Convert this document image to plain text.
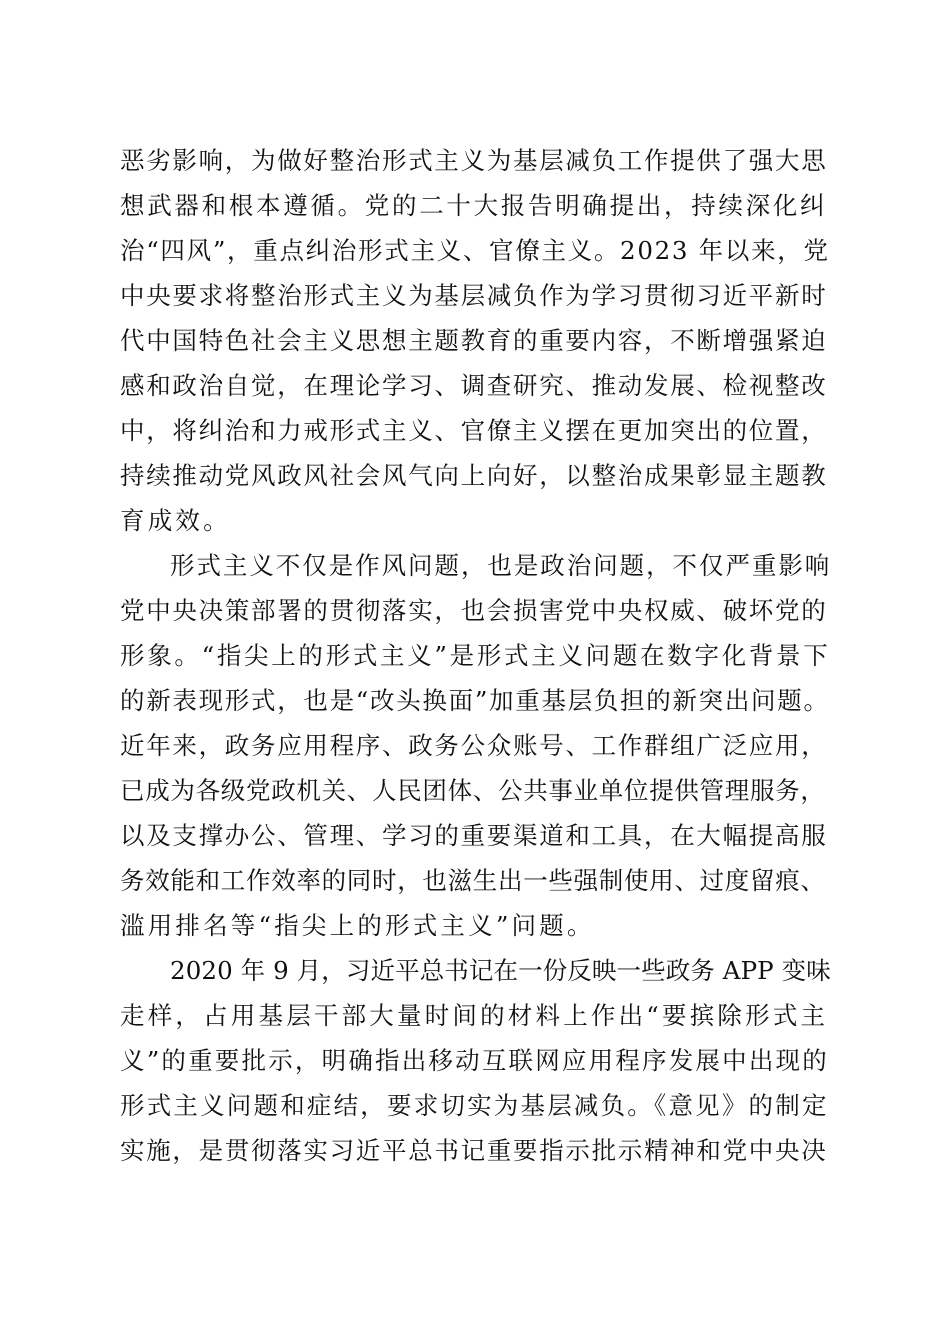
恶劣影响，为做好整治形式主义为基层减负工作提供了强大思
想武器和根本遵循。党的二十大报告明确提出，持续深化纠
治“四风”，重点纠治形式主义、官僚主义。2023 年以来，党
中央要求将整治形式主义为基层减负作为学习贯彻习近平新时
代中国特色社会主义思想主题教育的重要内容，不断增强紧迫
感和政治自觉，在理论学习、调查研究、推动发展、检视整改
中，将纠治和力戒形式主义、官僚主义摆在更加突出的位置，
持续推动党风政风社会风气向上向好，以整治成果彰显主题教
育成效。
形式主义不仅是作风问题，也是政治问题，不仅严重影响
党中央决策部署的贯彻落实，也会损害党中央权威、破坏党的
形象。“指尖上的形式主义”是形式主义问题在数字化背景下
的新表现形式，也是“改头换面”加重基层负担的新突出问题。
近年来，政务应用程序、政务公众账号、工作群组广泛应用，
已成为各级党政机关、人民团体、公共事业单位提供管理服务，
以及支撑办公、管理、学习的重要渠道和工具，在大幅提高服
务效能和工作效率的同时，也滋生出一些强制使用、过度留痕、
滥用排名等“指尖上的形式主义”问题。
2020 年 9 月，习近平总书记在一份反映一些政务 APP 变味
走样，占用基层干部大量时间的材料上作出“要摈除形式主
义”的重要批示，明确指出移动互联网应用程序发展中出现的
形式主义问题和症结，要求切实为基层减负。《意见》的制定
实施，是贯彻落实习近平总书记重要指示批示精神和党中央决
